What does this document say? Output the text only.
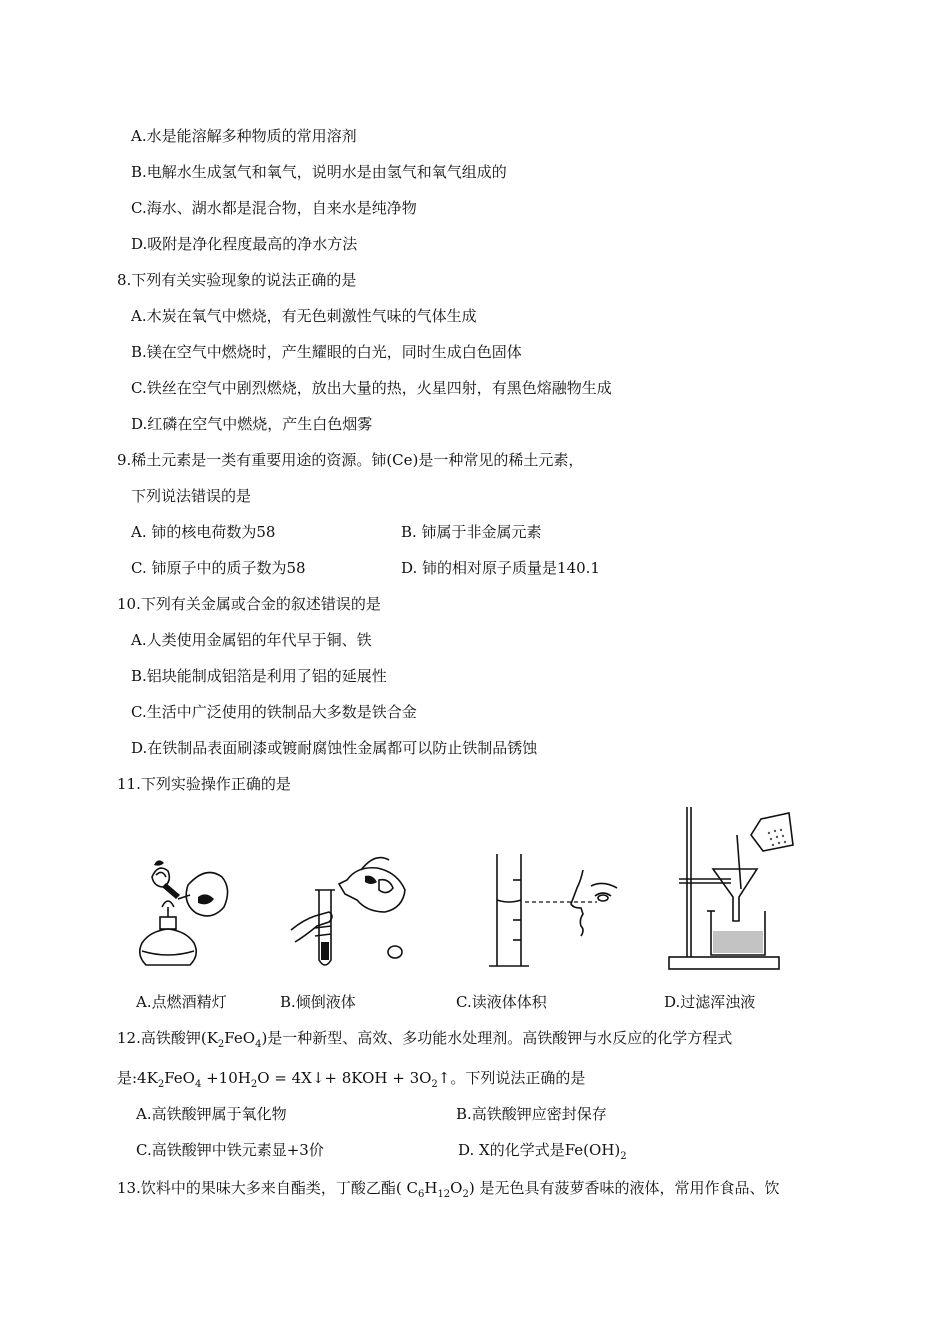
A.水是能溶解多种物质的常用溶剂
B.电解水生成氢气和氧气，说明水是由氢气和氧气组成的
C.海水、湖水都是混合物，自来水是纯净物
D.吸附是净化程度最高的净水方法
8.下列有关实验现象的说法正确的是
A.木炭在氧气中燃烧，有无色刺激性气味的气体生成
B.镁在空气中燃烧时，产生耀眼的白光，同时生成白色固体
C.铁丝在空气中剧烈燃烧，放出大量的热，火星四射，有黑色熔融物生成
D.红磷在空气中燃烧，产生白色烟雾
9.稀土元素是一类有重要用途的资源。铈(Ce)是一种常见的稀土元素，
下列说法错误的是
A. 铈的核电荷数为58	B. 铈属于非金属元素
C. 铈原子中的质子数为58	D. 铈的相对原子质量是140.1
10.下列有关金属或合金的叙述错误的是
A.人类使用金属铝的年代早于铜、铁
B.铝块能制成铝箔是利用了铝的延展性
C.生活中广泛使用的铁制品大多数是铁合金
D.在铁制品表面刷漆或镀耐腐蚀性金属都可以防止铁制品锈蚀
11.下列实验操作正确的是
A.点燃酒精灯	B.倾倒液体	C.读液体体积	D.过滤浑浊液
12.高铁酸钾$(K_2FeO_4)$是一种新型、高效、多功能水处理剂。高铁酸钾与水反应的化学方程式
是$:4K_2FeO_4 +10H_2O$ = 4X↓+ $8KOH + 3O_2↑$。下列说法正确的是
A.高铁酸钾属于氧化物	B.高铁酸钾应密封保存
C.高铁酸钾中铁元素显+3价	D. X的化学式是$Fe(OH)_2$
13.饮料中的果味大多来自酯类，丁酸乙酯( $C_6H_{12}O_2$) 是无色具有菠萝香味的液体，常用作食品、饮
